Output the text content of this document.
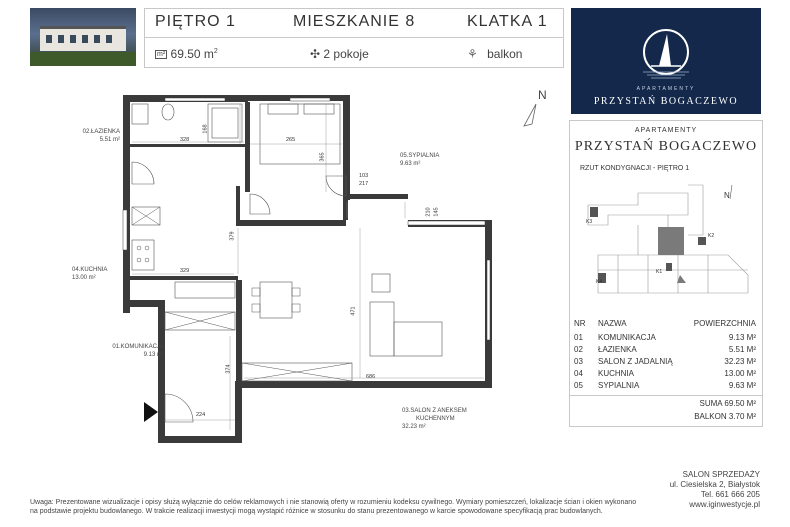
PIĘTRO 1	MIESZKANIE 8	KLATKA 1
m² 69.50 $m^2$	✣ 2 pokoje	⚘ balkon
APARTAMENTY
PRZYSTAŃ BOGACZEWO
N
02.ŁAZIENKA
5.51 m²
05.SYPIALNIA
9.63 m²
04.KUCHNIA
13.00 m²
01.KOMUNIKACJA
9.13 m²
03.SALON Z ANEKSEM
KUCHENNYM
32.23 m²
168
328	265
365
103
217
210 145
379
329
471
686
374
224
APARTAMENTY
PRZYSTAŃ BOGACZEWO
RZUT KONDYGNACJI - PIĘTRO 1
N
K3
K2
K1
K4
NR NAZWA	POWIERZCHNIA
01 KOMUNIKACJA	9.13 M²
02 ŁAZIENKA	5.51 M²
03 SALON Z JADALNIĄ	32.23 M²
04 KUCHNIA	13.00 M²
05 SYPIALNIA	9.63 M²
SUMA 69.50 M²
BALKON 3.70 M²
SALON SPRZEDAŻY
ul. Ciesielska 2, Białystok
Tel. 661 666 205
www.iginwestycje.pl
Uwaga: Prezentowane wizualizacje i opisy służą wyłącznie do celów reklamowych i nie stanowią oferty w rozumieniu kodeksu cywilnego. Wymiary pomieszczeń, lokalizacje ścian i okien wykonano
na podstawie projektu budowlanego. W trakcie realizacji inwestycji mogą wystąpić różnice w stosunku do stanu prezentowanego w karcie spowodowane specyfikacją prac budowlanych.
